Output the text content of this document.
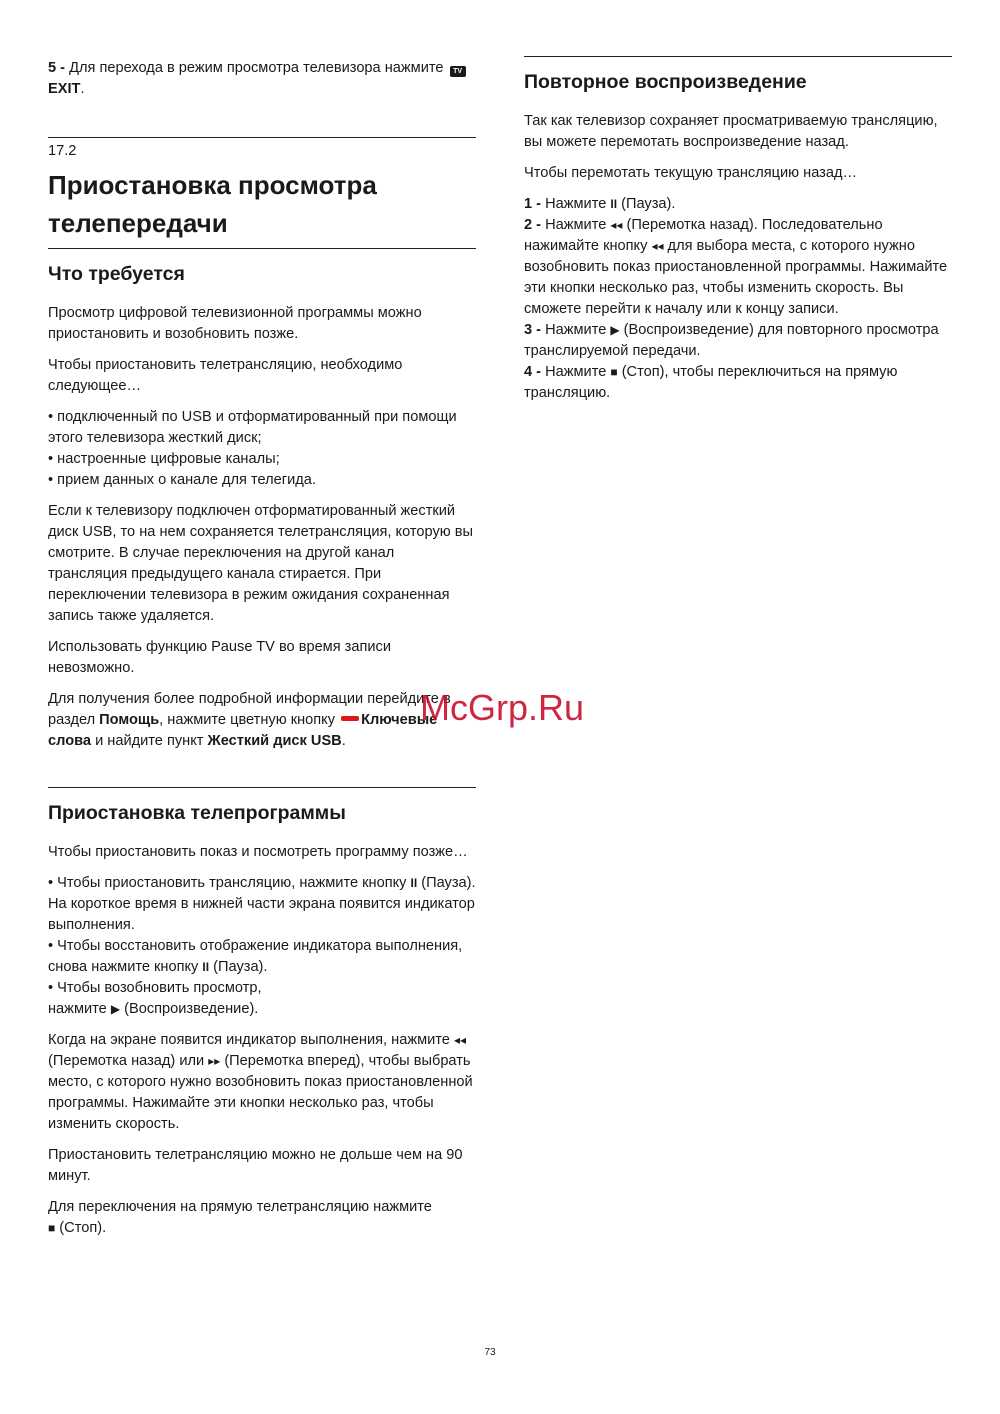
5 - Для перехода в режим просмотра телевизора нажмите TVEXIT.

17.2
Приостановка просмотра
телепередачи
Что требуется

Просмотр цифровой телевизионной программы можно приостановить и возобновить позже.

Чтобы приостановить телетрансляцию, необходимо следующее…

• подключенный по USB и отформатированный при помощи этого телевизора жесткий диск;

• настроенные цифровые каналы;

• прием данных о канале для телегида.

Если к телевизору подключен отформатированный жесткий диск USB, то на нем сохраняется телетрансляция, которую вы смотрите. В случае переключения на другой канал трансляция предыдущего канала стирается. При переключении телевизора в режим ожидания сохраненная запись также удаляется.

Использовать функцию Pause TV во время записи невозможно.

Для получения более подробной информации перейдите в раздел Помощь, нажмите цветную кнопку Ключевые слова и найдите пункт Жесткий диск USB.

Приостановка телепрограммы

Чтобы приостановить показ и посмотреть программу позже…

• Чтобы приостановить трансляцию, нажмите кнопку II (Пауза). На короткое время в нижней части экрана появится индикатор выполнения.

• Чтобы восстановить отображение индикатора выполнения, снова нажмите кнопку II (Пауза).

• Чтобы возобновить просмотр,
нажмите ▶ (Воспроизведение).

Когда на экране появится индикатор выполнения, нажмите ◂◂ (Перемотка назад) или ▸▸ (Перемотка вперед), чтобы выбрать место, с которого нужно возобновить показ приостановленной программы. Нажимайте эти кнопки несколько раз, чтобы изменить скорость.

Приостановить телетрансляцию можно не дольше чем на 90 минут.

Для переключения на прямую телетрансляцию нажмите
■ (Стоп).

Повторное воспроизведение

Так как телевизор сохраняет просматриваемую трансляцию, вы можете перемотать воспроизведение назад.

Чтобы перемотать текущую трансляцию назад…

1 - Нажмите II (Пауза).

2 - Нажмите ◂◂ (Перемотка назад). Последовательно нажимайте кнопку ◂◂ для выбора места, с которого нужно возобновить показ приостановленной программы. Нажимайте эти кнопки несколько раз, чтобы изменить скорость. Вы сможете перейти к началу или к концу записи.

3 - Нажмите ▶ (Воспроизведение) для повторного просмотра транслируемой передачи.

4 - Нажмите ■ (Стоп), чтобы переключиться на прямую трансляцию.

McGrp.Ru
73
